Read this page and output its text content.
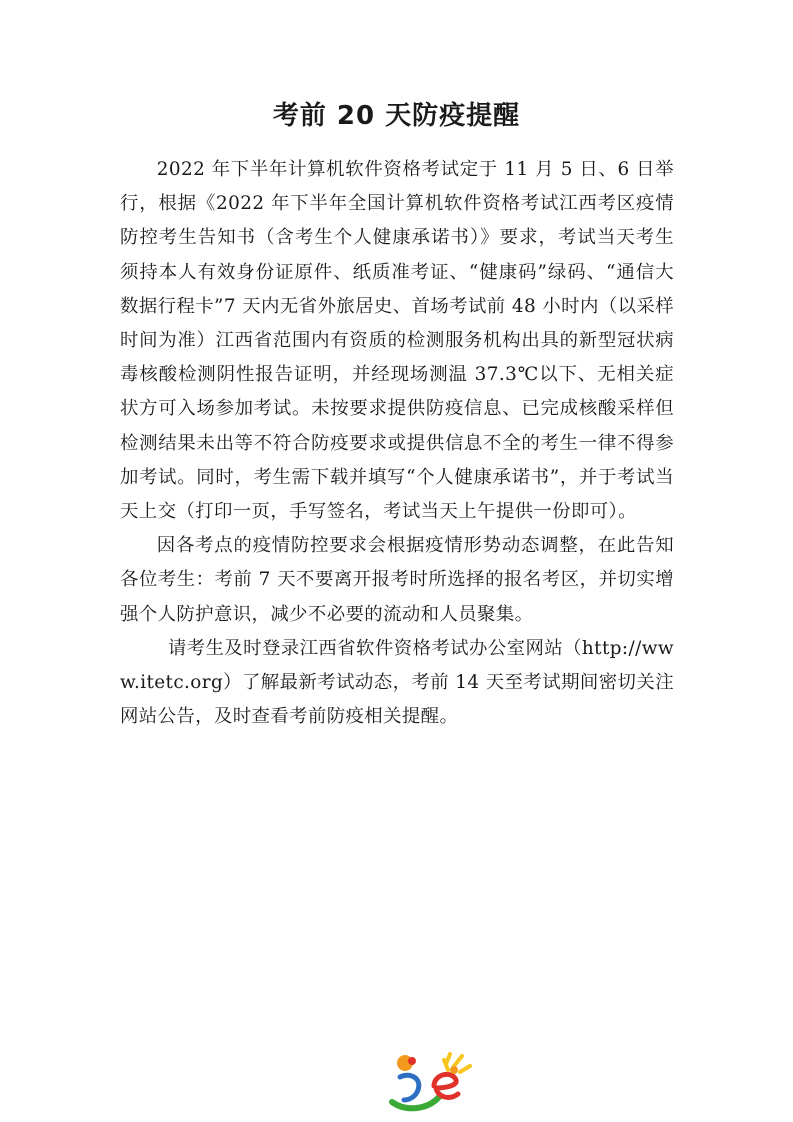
考前 20 天防疫提醒

2022 年下半年计算机软件资格考试定于 11 月 5 日、6 日举行，根据《2022 年下半年全国计算机软件资格考试江西考区疫情防控考生告知书（含考生个人健康承诺书）》要求，考试当天考生须持本人有效身份证原件、纸质准考证、“健康码”绿码、“通信大数据行程卡”7 天内无省外旅居史、首场考试前 48 小时内（以采样时间为准）江西省范围内有资质的检测服务机构出具的新型冠状病毒核酸检测阴性报告证明，并经现场测温 37.3℃以下、无相关症状方可入场参加考试。未按要求提供防疫信息、已完成核酸采样但检测结果未出等不符合防疫要求或提供信息不全的考生一律不得参加考试。同时，考生需下载并填写“个人健康承诺书”，并于考试当天上交（打印一页，手写签名，考试当天上午提供一份即可）。

因各考点的疫情防控要求会根据疫情形势动态调整，在此告知各位考生：考前 7 天不要离开报考时所选择的报名考区，并切实增强个人防护意识，减少不必要的流动和人员聚集。

请考生及时登录江西省软件资格考试办公室网站（http://www.itetc.org）了解最新考试动态，考前 14 天至考试期间密切关注网站公告，及时查看考前防疫相关提醒。
